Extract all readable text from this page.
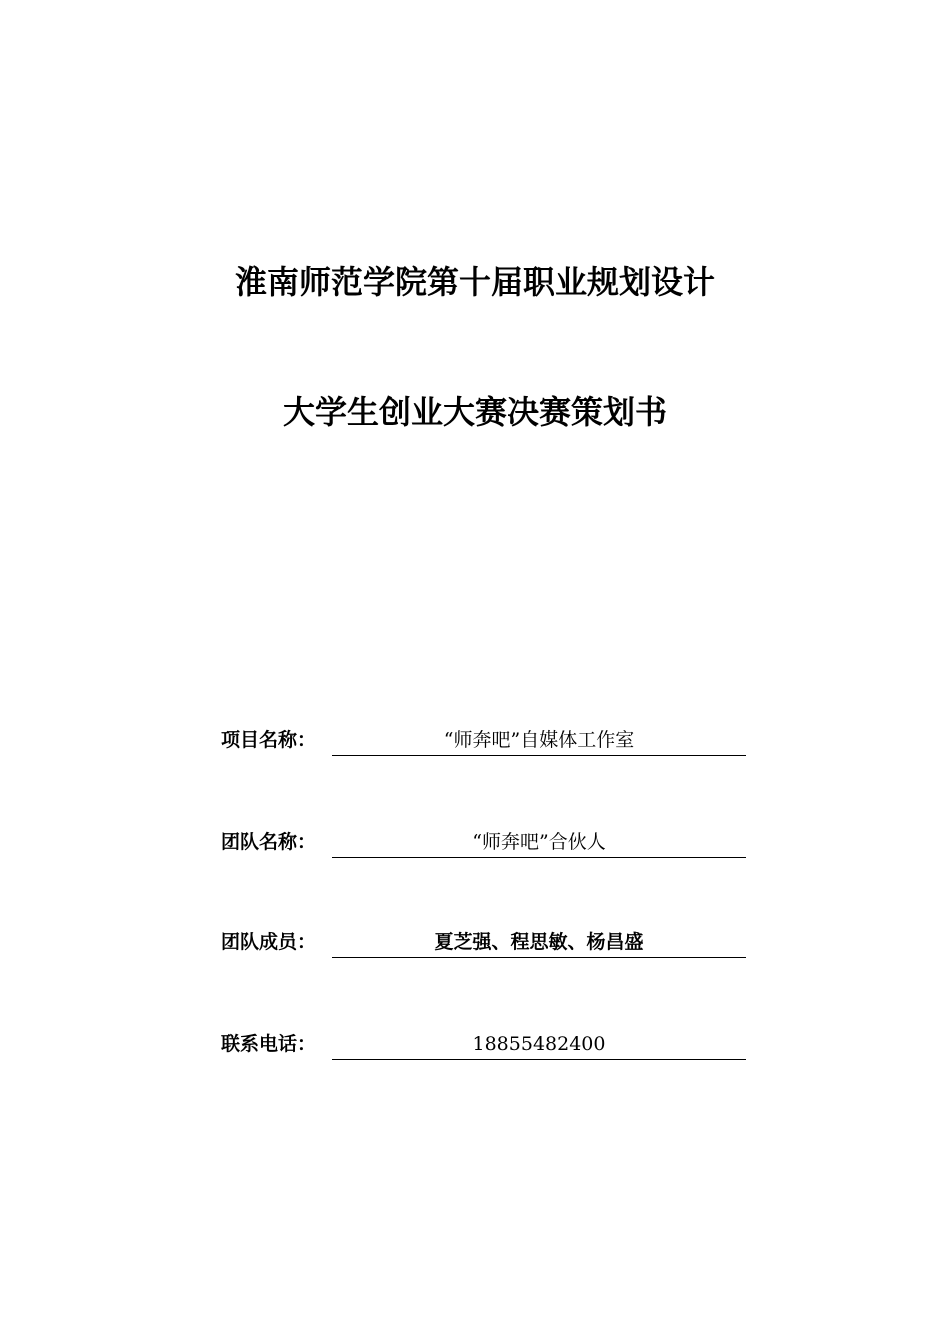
淮南师范学院第十届职业规划设计
大学生创业大赛决赛策划书
项目名称：	“师奔吧”自媒体工作室
团队名称：	“师奔吧”合伙人
团队成员：	夏芝强、程思敏、杨昌盛
联系电话：	18855482400
